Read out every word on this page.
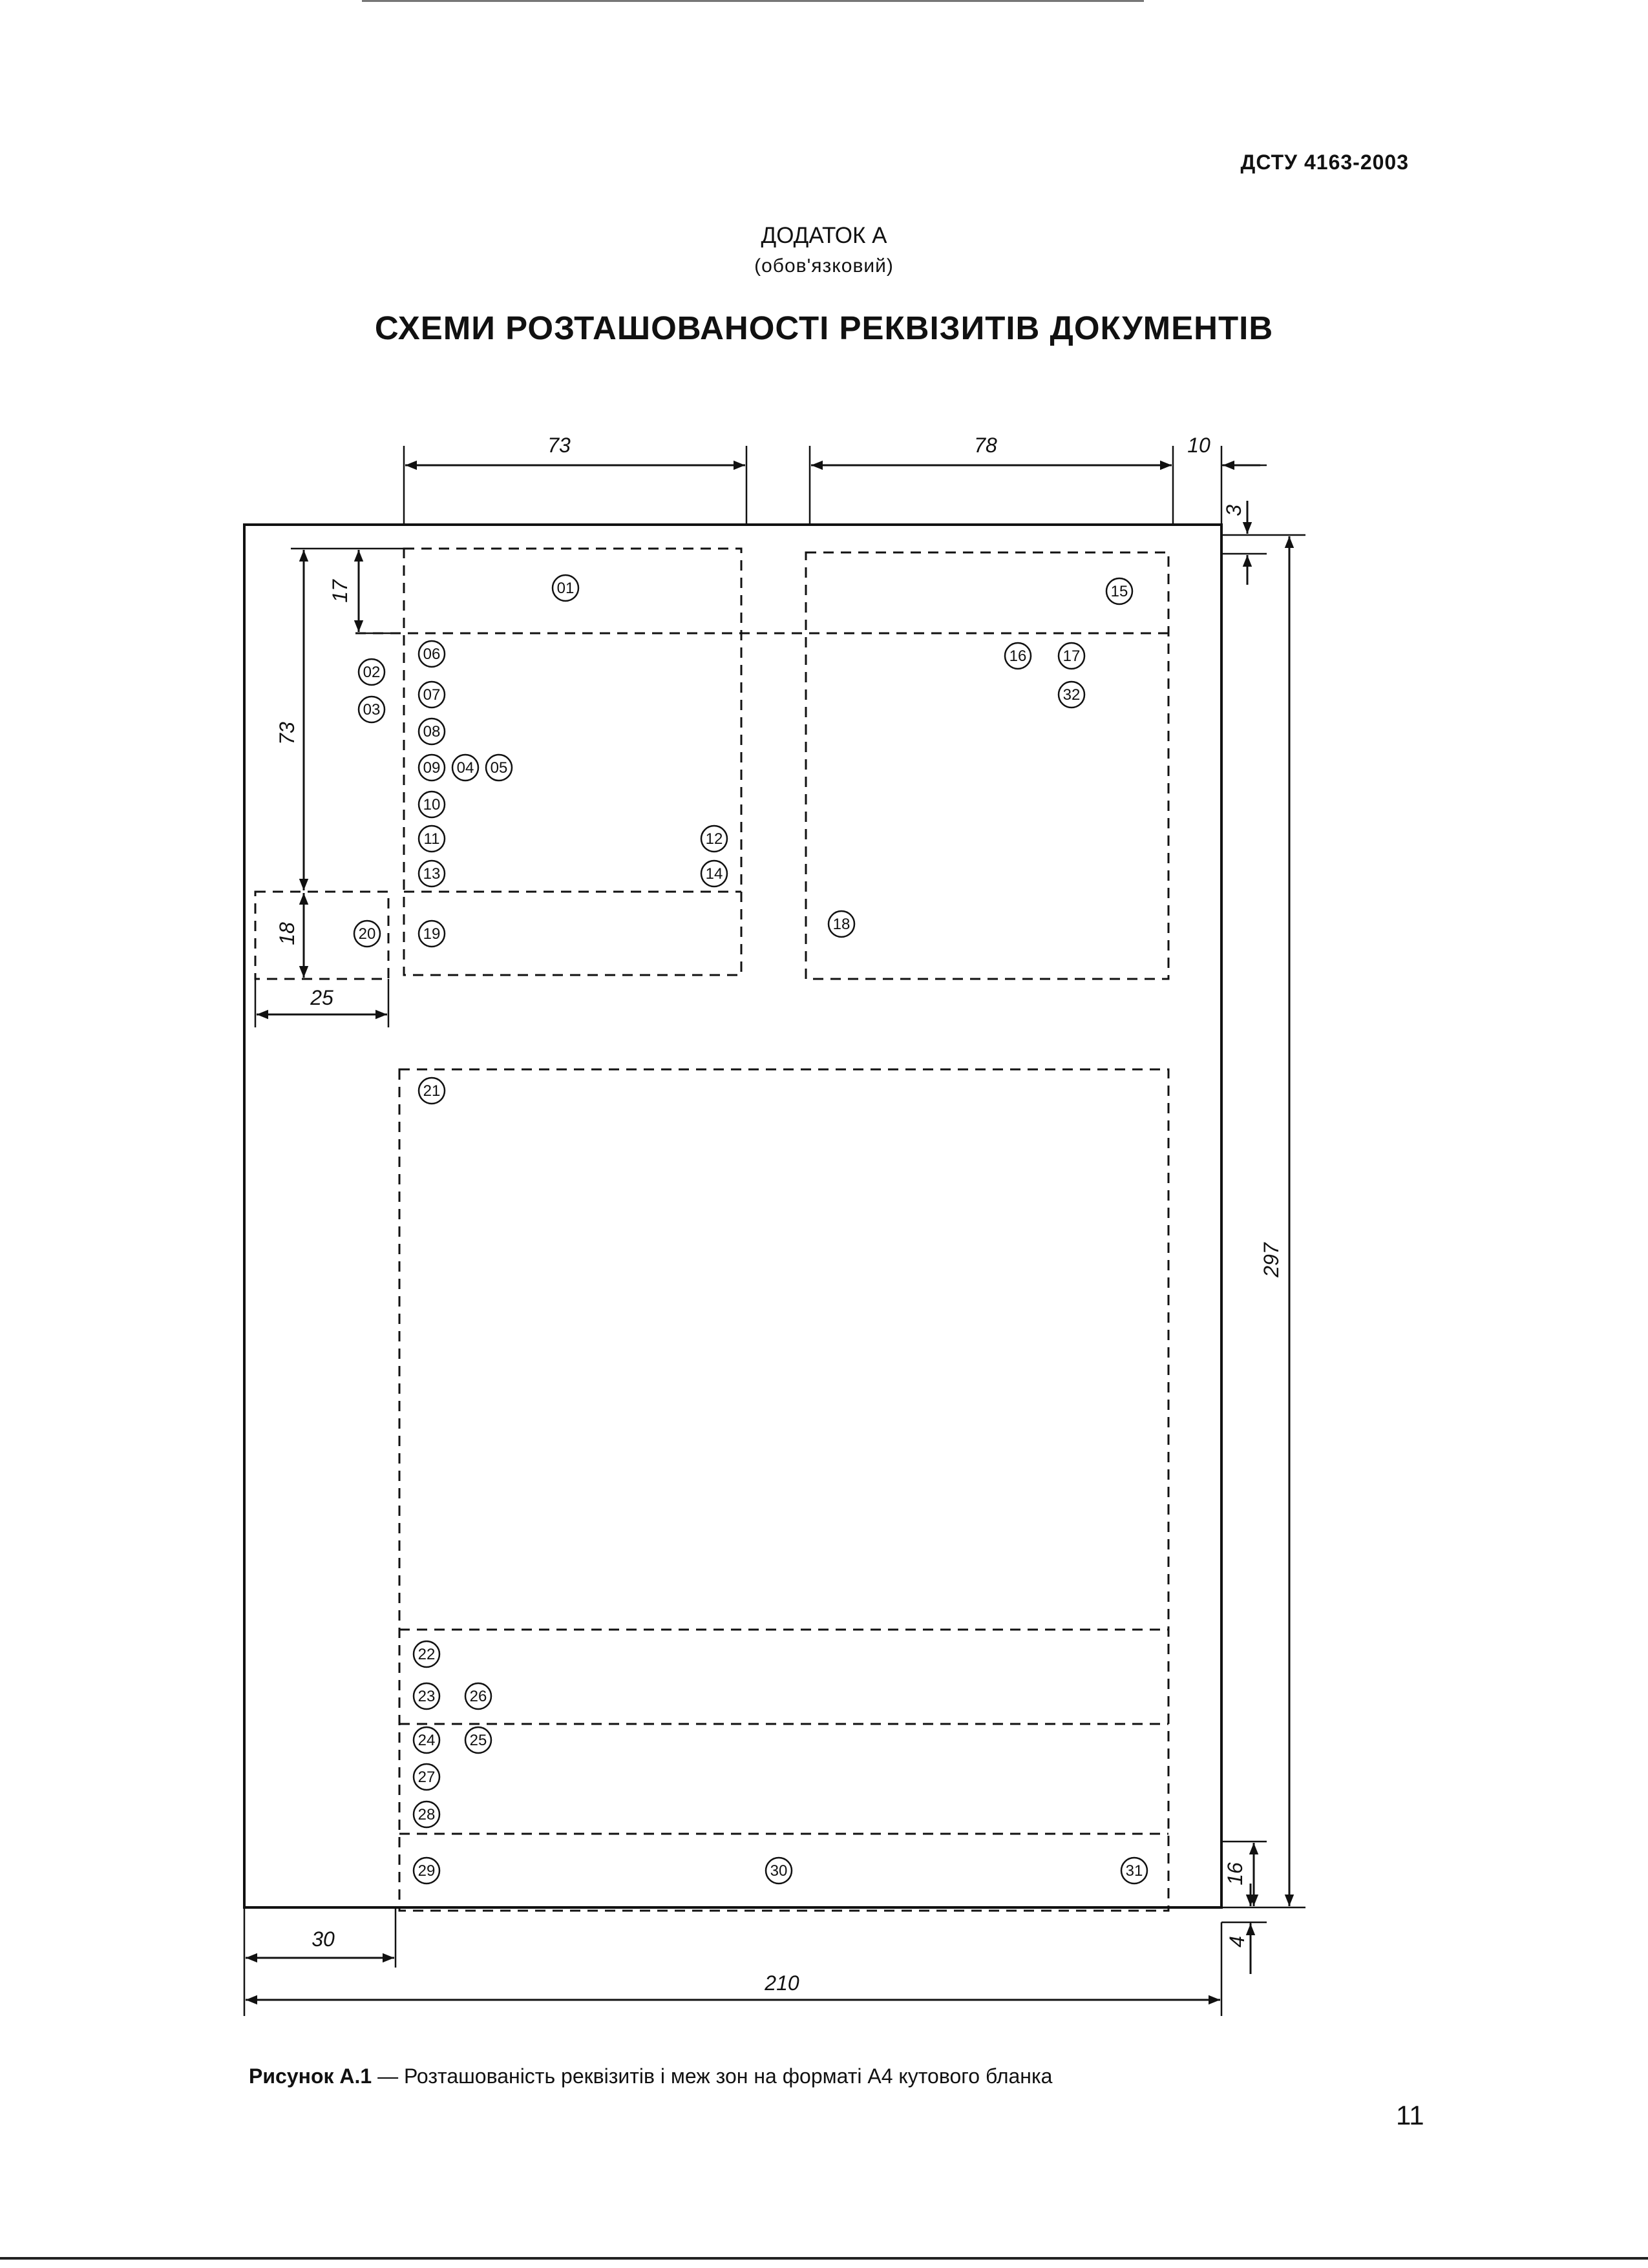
ДСТУ 4163-2003
ДОДАТОК А
(обов'язковий)
СХЕМИ РОЗТАШОВАНОСТІ РЕКВІЗИТІВ ДОКУМЕНТІВ
73	78	10
3
17
73
18
25
297
16
4
30
210
01
02
03
04 05
06
07
08
09
10
11	12
13	14
15
16 17
18
19
20
21
22
23
24 25
26
27
28
29	30	31
32
Рисунок А.1 — Розташованість реквізитів і меж зон на форматі А4 кутового бланка
11
